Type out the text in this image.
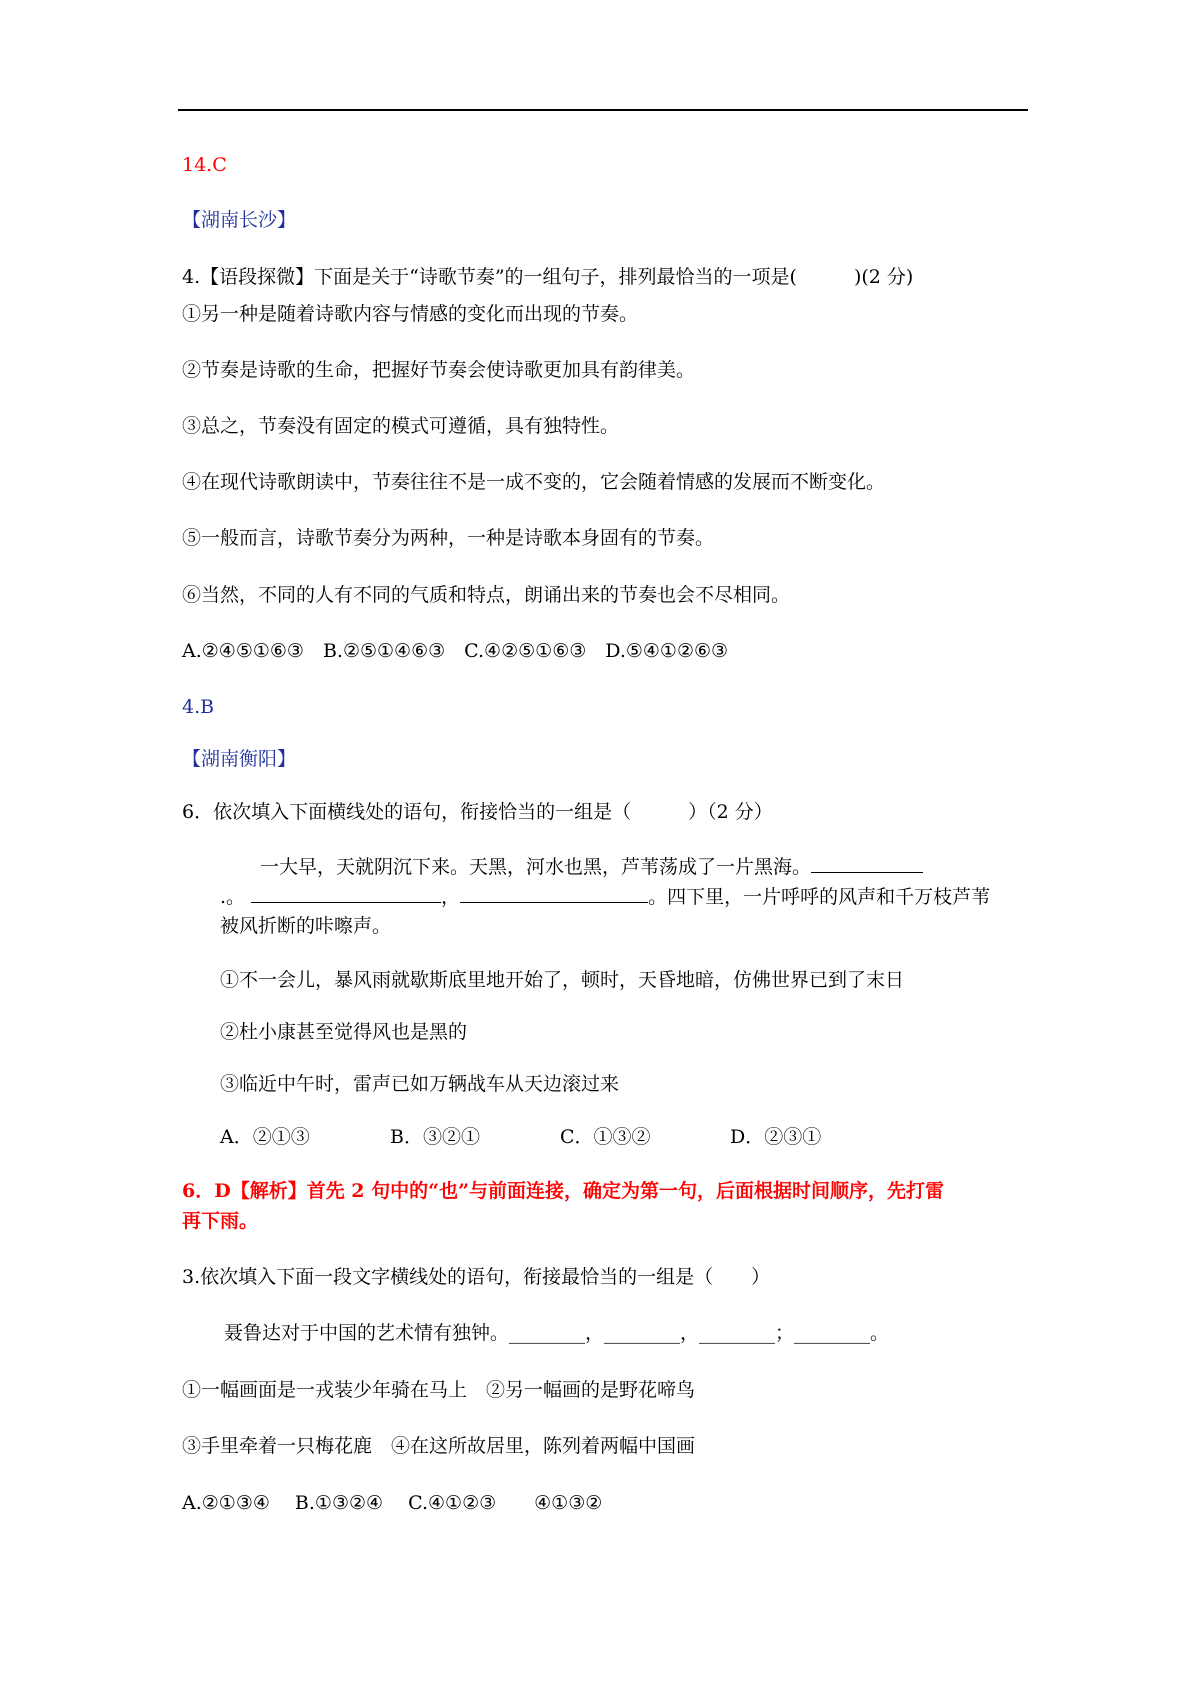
14.C
【湖南长沙】
4.【语段探微】下面是关于“诗歌节奏”的一组句子，排列最恰当的一项是(　　　)(2 分)
①另一种是随着诗歌内容与情感的变化而出现的节奏。
②节奏是诗歌的生命，把握好节奏会使诗歌更加具有韵律美。
③总之，节奏没有固定的模式可遵循，具有独特性。
④在现代诗歌朗读中，节奏往往不是一成不变的，它会随着情感的发展而不断变化。
⑤一般而言，诗歌节奏分为两种，一种是诗歌本身固有的节奏。
⑥当然，不同的人有不同的气质和特点，朗诵出来的节奏也会不尽相同。
A.②④⑤①⑥③　B.②⑤①④⑥③　C.④②⑤①⑥③　D.⑤④①②⑥③
4.B
【湖南衡阳】
6．依次填入下面横线处的语句，衔接恰当的一组是（　　　）（2 分）
一大早，天就阴沉下来。天黑，河水也黑，芦苇荡成了一片黑海。
.。	，	。四下里，一片呼呼的风声和千万枝芦苇
被风折断的咔嚓声。
①不一会儿，暴风雨就歇斯底里地开始了，顿时，天昏地暗，仿佛世界已到了末日
②杜小康甚至觉得风也是黑的
③临近中午时，雷声已如万辆战车从天边滚过来
A．②①③	B．③②①	C．①③②	D．②③①
6．D【解析】首先 2 句中的“也”与前面连接，确定为第一句，后面根据时间顺序，先打雷
再下雨。
3.依次填入下面一段文字横线处的语句，衔接最恰当的一组是（　　）
聂鲁达对于中国的艺术情有独钟。________，________，________；________。
①一幅画面是一戎装少年骑在马上　②另一幅画的是野花啼鸟
③手里牵着一只梅花鹿　④在这所故居里，陈列着两幅中国画
A.②①③④　 B.①③②④　 C.④①②③　　④①③②
